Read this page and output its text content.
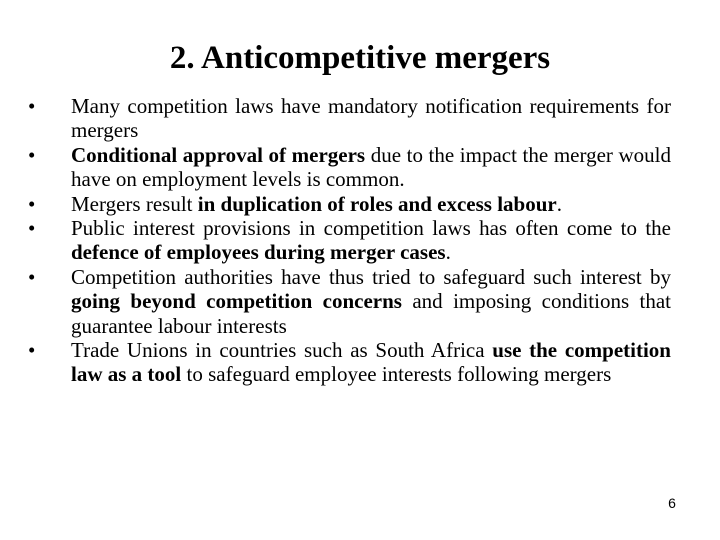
2. Anticompetitive mergers
•	Many competition laws have mandatory notification requirements for mergers
•	Conditional approval of mergers due to the impact the merger would have on employment levels is common.
•	Mergers result in duplication of roles and excess labour.
•	Public interest provisions in competition laws has often come to the defence of employees during merger cases.
•	Competition authorities have thus tried to safeguard such interest by going beyond competition concerns and imposing conditions that guarantee labour interests
•	Trade Unions in countries such as South Africa use the competition law as a tool to safeguard employee interests following mergers
6
